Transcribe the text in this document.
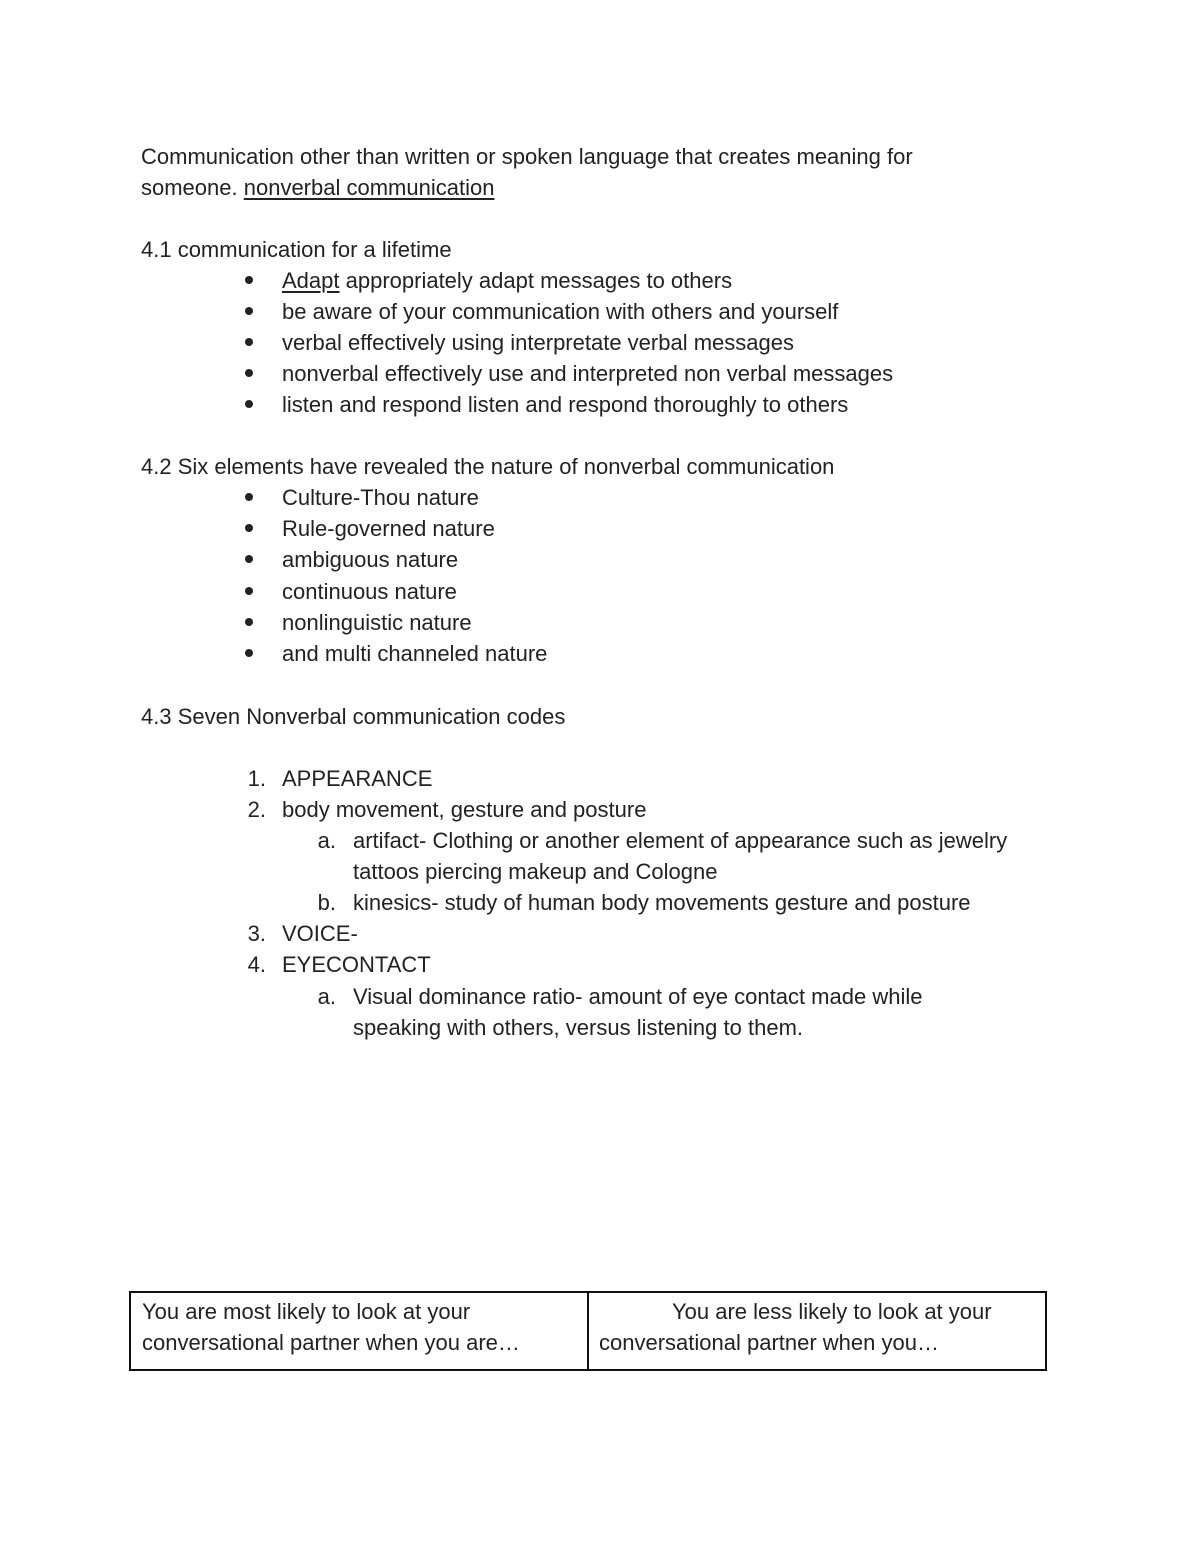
Communication other than written or spoken language that creates meaning for
someone. nonverbal communication
4.1 communication for a lifetime
Adapt appropriately adapt messages to others
be aware of your communication with others and yourself
verbal effectively using interpretate verbal messages
nonverbal effectively use and interpreted non verbal messages
listen and respond listen and respond thoroughly to others
4.2 Six elements have revealed the nature of nonverbal communication
Culture-Thou nature
Rule-governed nature
ambiguous nature
continuous nature
nonlinguistic nature
and multi channeled nature
4.3 Seven Nonverbal communication codes
1. APPEARANCE
2. body movement, gesture and posture
a. artifact- Clothing or another element of appearance such as jewelry
tattoos piercing makeup and Cologne
b. kinesics- study of human body movements gesture and posture
3. VOICE-
4. EYECONTACT
a. Visual dominance ratio- amount of eye contact made while
speaking with others, versus listening to them.
You are most likely to look at your
conversational partner when you are…

You are less likely to look at your
conversational partner when you…
